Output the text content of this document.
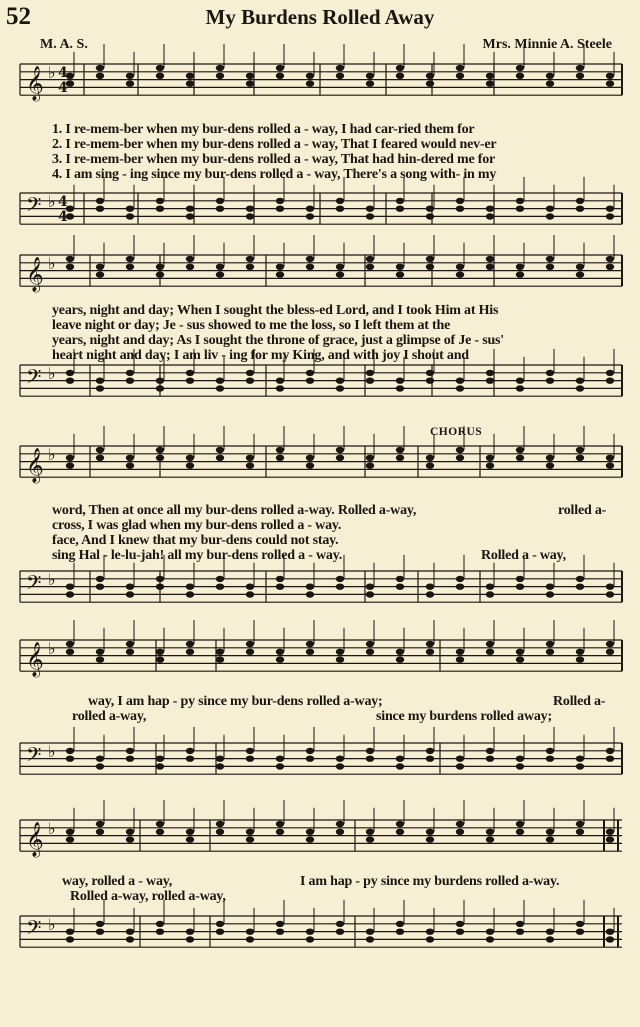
52	My Burdens Rolled Away
M. A. S.	Mrs. Minnie A. Steele
𝄞 ♭
𝄢 ♭
𝄞 ♭
𝄢 ♭
𝄞 ♭
𝄢 ♭
𝄞 ♭
𝄢 ♭
𝄞 ♭
𝄢 ♭
4
4
4
4
1. I re-mem-ber when my bur-dens rolled a - way, I had car-ried them for
2. I re-mem-ber when my bur-dens rolled a - way, That I feared would nev-er
3. I re-mem-ber when my bur-dens rolled a - way, That had hin-dered me for
4. I am sing - ing since my bur-dens rolled a - way, There's a song with- in my
years, night and day; When I sought the bless-ed Lord, and I took Him at His
leave night or day; Je - sus showed to me the loss, so I left them at the
years, night and day; As I sought the throne of grace, just a glimpse of Je - sus'
heart night and day; I am liv - ing for my King, and with joy I shout and
CHORUS
word, Then at once all my bur-dens rolled a-way. Rolled a-way,	rolled a-
cross, I was glad when my bur-dens rolled a - way.
face, And I knew that my bur-dens could not stay.
sing Hal - le-lu-jah! all my bur-dens rolled a - way.	Rolled a - way,
way, I am hap - py since my bur-dens rolled a-way;
rolled a-way,	since my burdens rolled away;
Rolled a-
way, rolled a - way,	I am hap - py since my burdens rolled a-way.
Rolled a-way, rolled a-way,
